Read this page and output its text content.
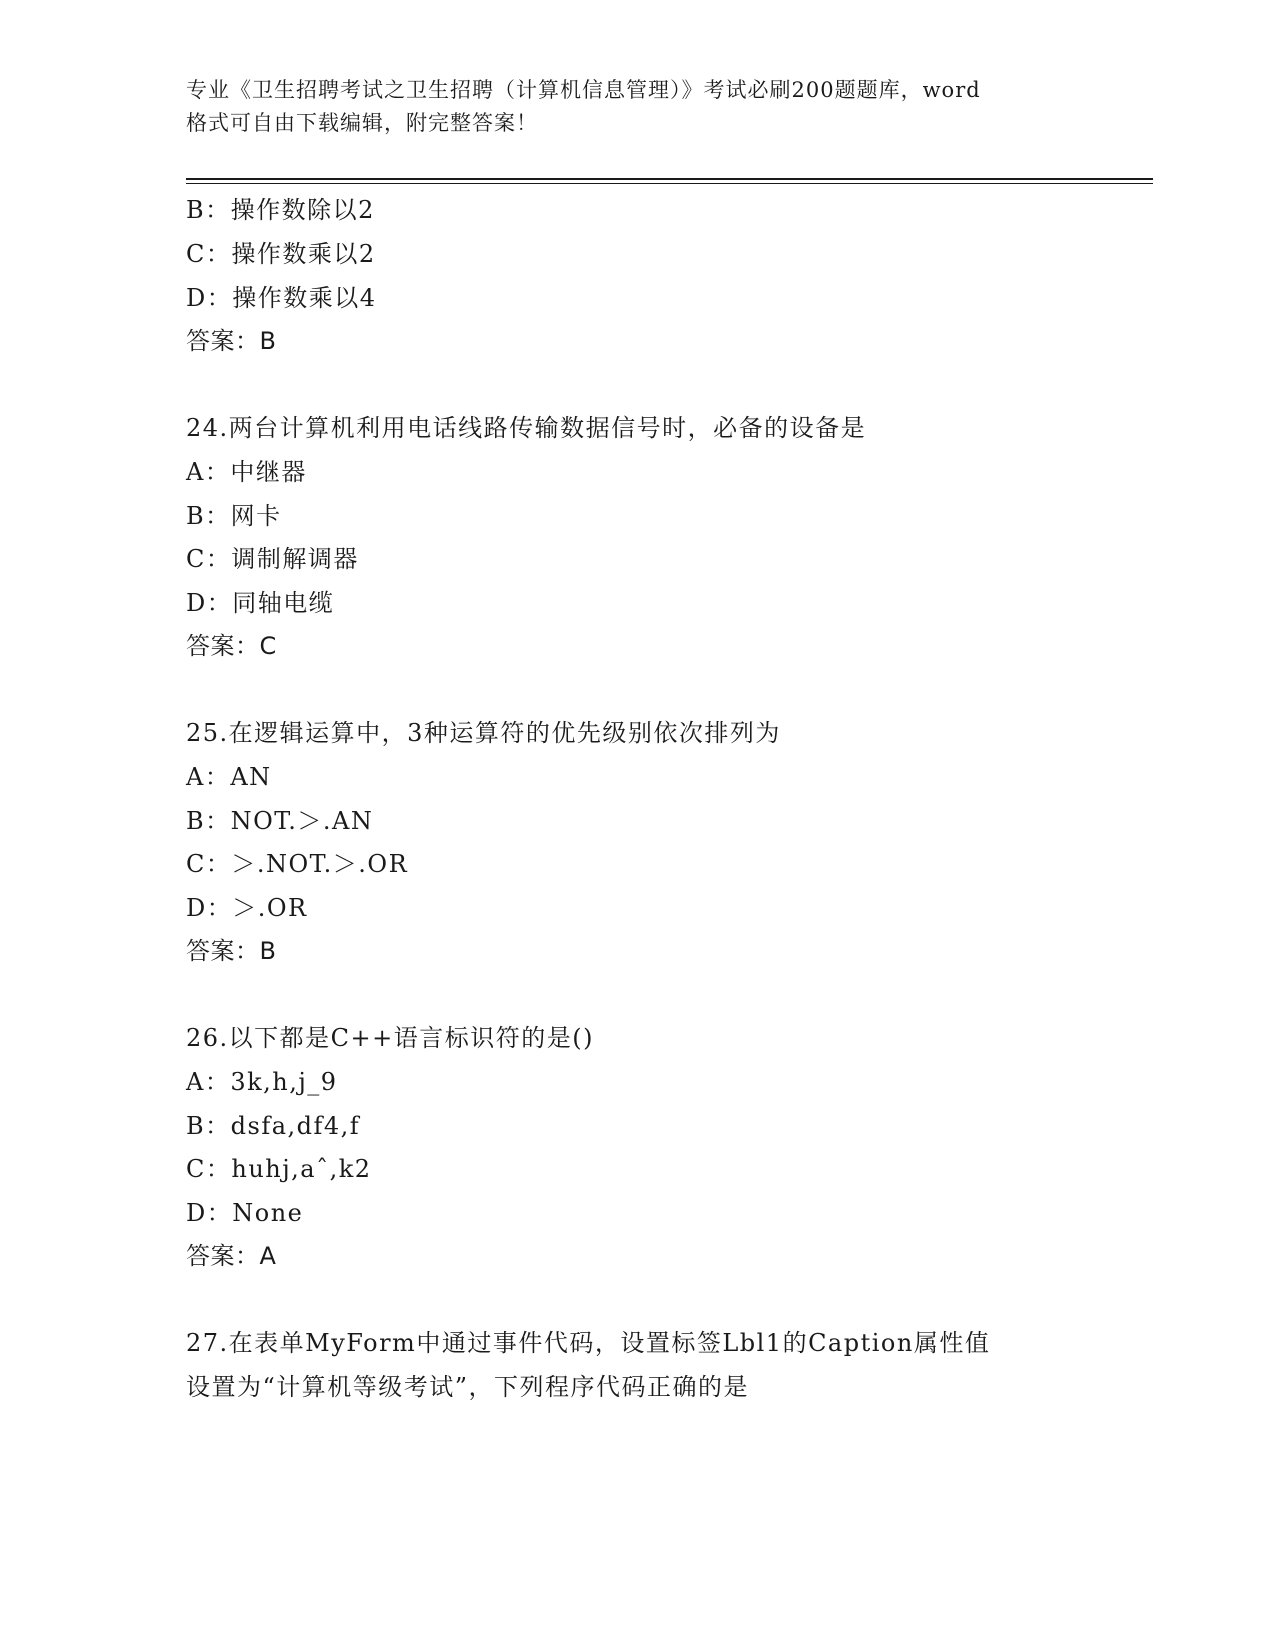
专业《卫生招聘考试之卫生招聘（计算机信息管理）》考试必刷200题题库，word
格式可自由下载编辑，附完整答案！
B：操作数除以2
C：操作数乘以2
D：操作数乘以4
答案：B
24.两台计算机利用电话线路传输数据信号时，必备的设备是
A：中继器
B：网卡
C：调制解调器
D：同轴电缆
答案：C
25.在逻辑运算中，3种运算符的优先级别依次排列为
A：AN
B：NOT.＞.AN
C：＞.NOT.＞.OR
D：＞.OR
答案：B
26.以下都是C++语言标识符的是()
A：3k,h,j_9
B：dsfa,df4,f
C：huhj,aˆ,k2
D：None
答案：A
27.在表单MyForm中通过事件代码，设置标签Lbl1的Caption属性值
设置为“计算机等级考试”，下列程序代码正确的是
